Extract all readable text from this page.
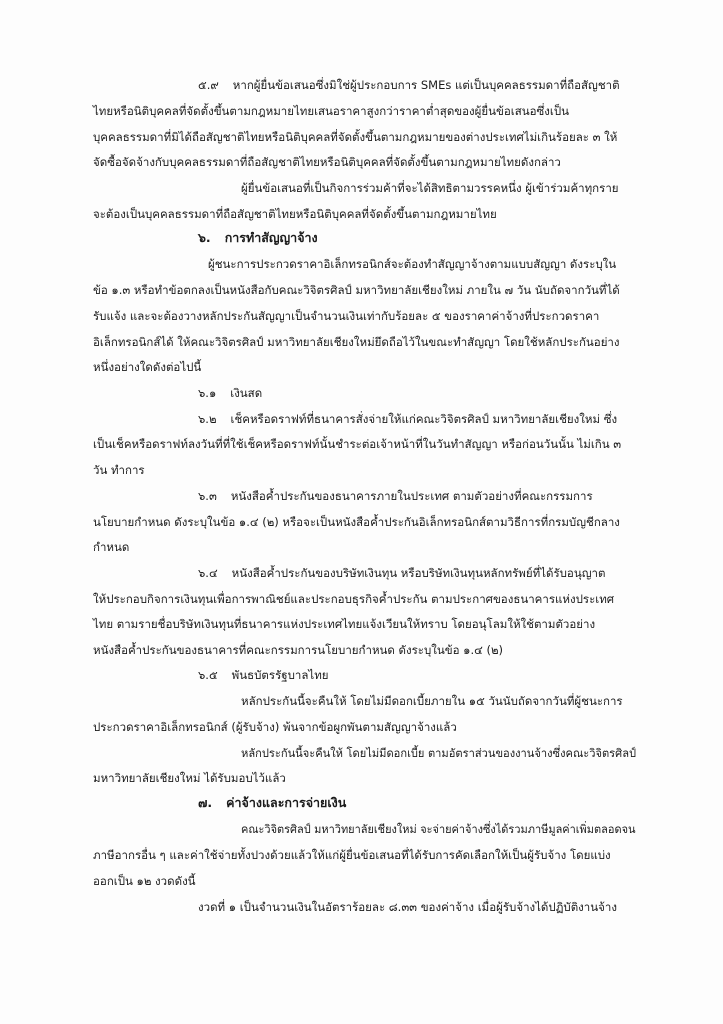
๕.๙ หากผู้ยื่นข้อเสนอซึ่งมิใช่ผู้ประกอบการ SMEs แต่เป็นบุคคลธรรมดาที่ถือสัญชาติ
ไทยหรือนิติบุคคลที่จัดตั้งขึ้นตามกฎหมายไทยเสนอราคาสูงกว่าราคาต่ำสุดของผู้ยื่นข้อเสนอซึ่งเป็น
บุคคลธรรมดาที่มิได้ถือสัญชาติไทยหรือนิติบุคคลที่จัดตั้งขึ้นตามกฎหมายของต่างประเทศไม่เกินร้อยละ ๓ ให้
จัดซื้อจัดจ้างกับบุคคลธรรมดาที่ถือสัญชาติไทยหรือนิติบุคคลที่จัดตั้งขึ้นตามกฎหมายไทยดังกล่าว
ผู้ยื่นข้อเสนอที่เป็นกิจการร่วมค้าที่จะได้สิทธิตามวรรคหนึ่ง ผู้เข้าร่วมค้าทุกราย
จะต้องเป็นบุคคลธรรมดาที่ถือสัญชาติไทยหรือนิติบุคคลที่จัดตั้งขึ้นตามกฎหมายไทย
๖. การทำสัญญาจ้าง
ผู้ชนะการประกวดราคาอิเล็กทรอนิกส์จะต้องทำสัญญาจ้างตามแบบสัญญา ดังระบุใน
ข้อ ๑.๓ หรือทำข้อตกลงเป็นหนังสือกับคณะวิจิตรศิลป์ มหาวิทยาลัยเชียงใหม่ ภายใน ๗ วัน นับถัดจากวันที่ได้
รับแจ้ง และจะต้องวางหลักประกันสัญญาเป็นจำนวนเงินเท่ากับร้อยละ ๕ ของราคาค่าจ้างที่ประกวดราคา
อิเล็กทรอนิกส์ได้ ให้คณะวิจิตรศิลป์ มหาวิทยาลัยเชียงใหม่ยึดถือไว้ในขณะทำสัญญา โดยใช้หลักประกันอย่าง
หนึ่งอย่างใดดังต่อไปนี้
๖.๑ เงินสด
๖.๒ เช็คหรือดราฟท์ที่ธนาคารสั่งจ่ายให้แก่คณะวิจิตรศิลป์ มหาวิทยาลัยเชียงใหม่ ซึ่ง
เป็นเช็คหรือดราฟท์ลงวันที่ที่ใช้เช็คหรือดราฟท์นั้นชำระต่อเจ้าหน้าที่ในวันทำสัญญา หรือก่อนวันนั้น ไม่เกิน ๓
วัน ทำการ
๖.๓ หนังสือค้ำประกันของธนาคารภายในประเทศ ตามตัวอย่างที่คณะกรรมการ
นโยบายกำหนด ดังระบุในข้อ ๑.๔ (๒) หรือจะเป็นหนังสือค้ำประกันอิเล็กทรอนิกส์ตามวิธีการที่กรมบัญชีกลาง
กำหนด
๖.๔ หนังสือค้ำประกันของบริษัทเงินทุน หรือบริษัทเงินทุนหลักทรัพย์ที่ได้รับอนุญาต
ให้ประกอบกิจการเงินทุนเพื่อการพาณิชย์และประกอบธุรกิจค้ำประกัน ตามประกาศของธนาคารแห่งประเทศ
ไทย ตามรายชื่อบริษัทเงินทุนที่ธนาคารแห่งประเทศไทยแจ้งเวียนให้ทราบ โดยอนุโลมให้ใช้ตามตัวอย่าง
หนังสือค้ำประกันของธนาคารที่คณะกรรมการนโยบายกำหนด ดังระบุในข้อ ๑.๔ (๒)
๖.๕ พันธบัตรรัฐบาลไทย
หลักประกันนี้จะคืนให้ โดยไม่มีดอกเบี้ยภายใน ๑๕ วันนับถัดจากวันที่ผู้ชนะการ
ประกวดราคาอิเล็กทรอนิกส์ (ผู้รับจ้าง) พ้นจากข้อผูกพันตามสัญญาจ้างแล้ว
หลักประกันนี้จะคืนให้ โดยไม่มีดอกเบี้ย ตามอัตราส่วนของงานจ้างซึ่งคณะวิจิตรศิลป์
มหาวิทยาลัยเชียงใหม่ ได้รับมอบไว้แล้ว
๗. ค่าจ้างและการจ่ายเงิน
คณะวิจิตรศิลป์ มหาวิทยาลัยเชียงใหม่ จะจ่ายค่าจ้างซึ่งได้รวมภาษีมูลค่าเพิ่มตลอดจน
ภาษีอากรอื่น ๆ และค่าใช้จ่ายทั้งปวงด้วยแล้วให้แก่ผู้ยื่นข้อเสนอที่ได้รับการคัดเลือกให้เป็นผู้รับจ้าง โดยแบ่ง
ออกเป็น ๑๒ งวดดังนี้
งวดที่ ๑ เป็นจำนวนเงินในอัตราร้อยละ ๘.๓๓ ของค่าจ้าง เมื่อผู้รับจ้างได้ปฏิบัติงานจ้าง
